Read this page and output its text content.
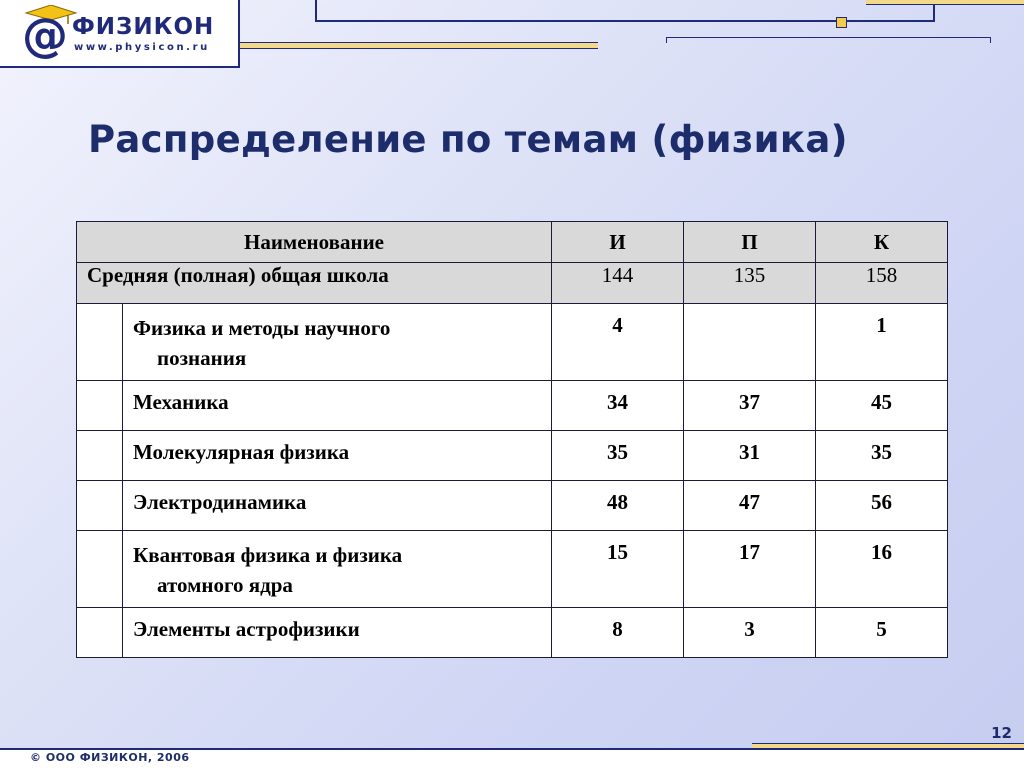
@ ФИЗИКОН
www.physicon.ru
Распределение по темам (физика)
Наименование		И	П	К
Средняя (полная) общая школа		144	135	158

	Физика и методы научного
познания	4		1
	Механика	34	37	45
	Молекулярная физика	35	31	35
	Электродинамика	48	47	56

	Квантовая физика и физика
атомного ядра	15	17	16
	Элементы астрофизики	8	3	5
12
© ООО ФИЗИКОН, 2006
